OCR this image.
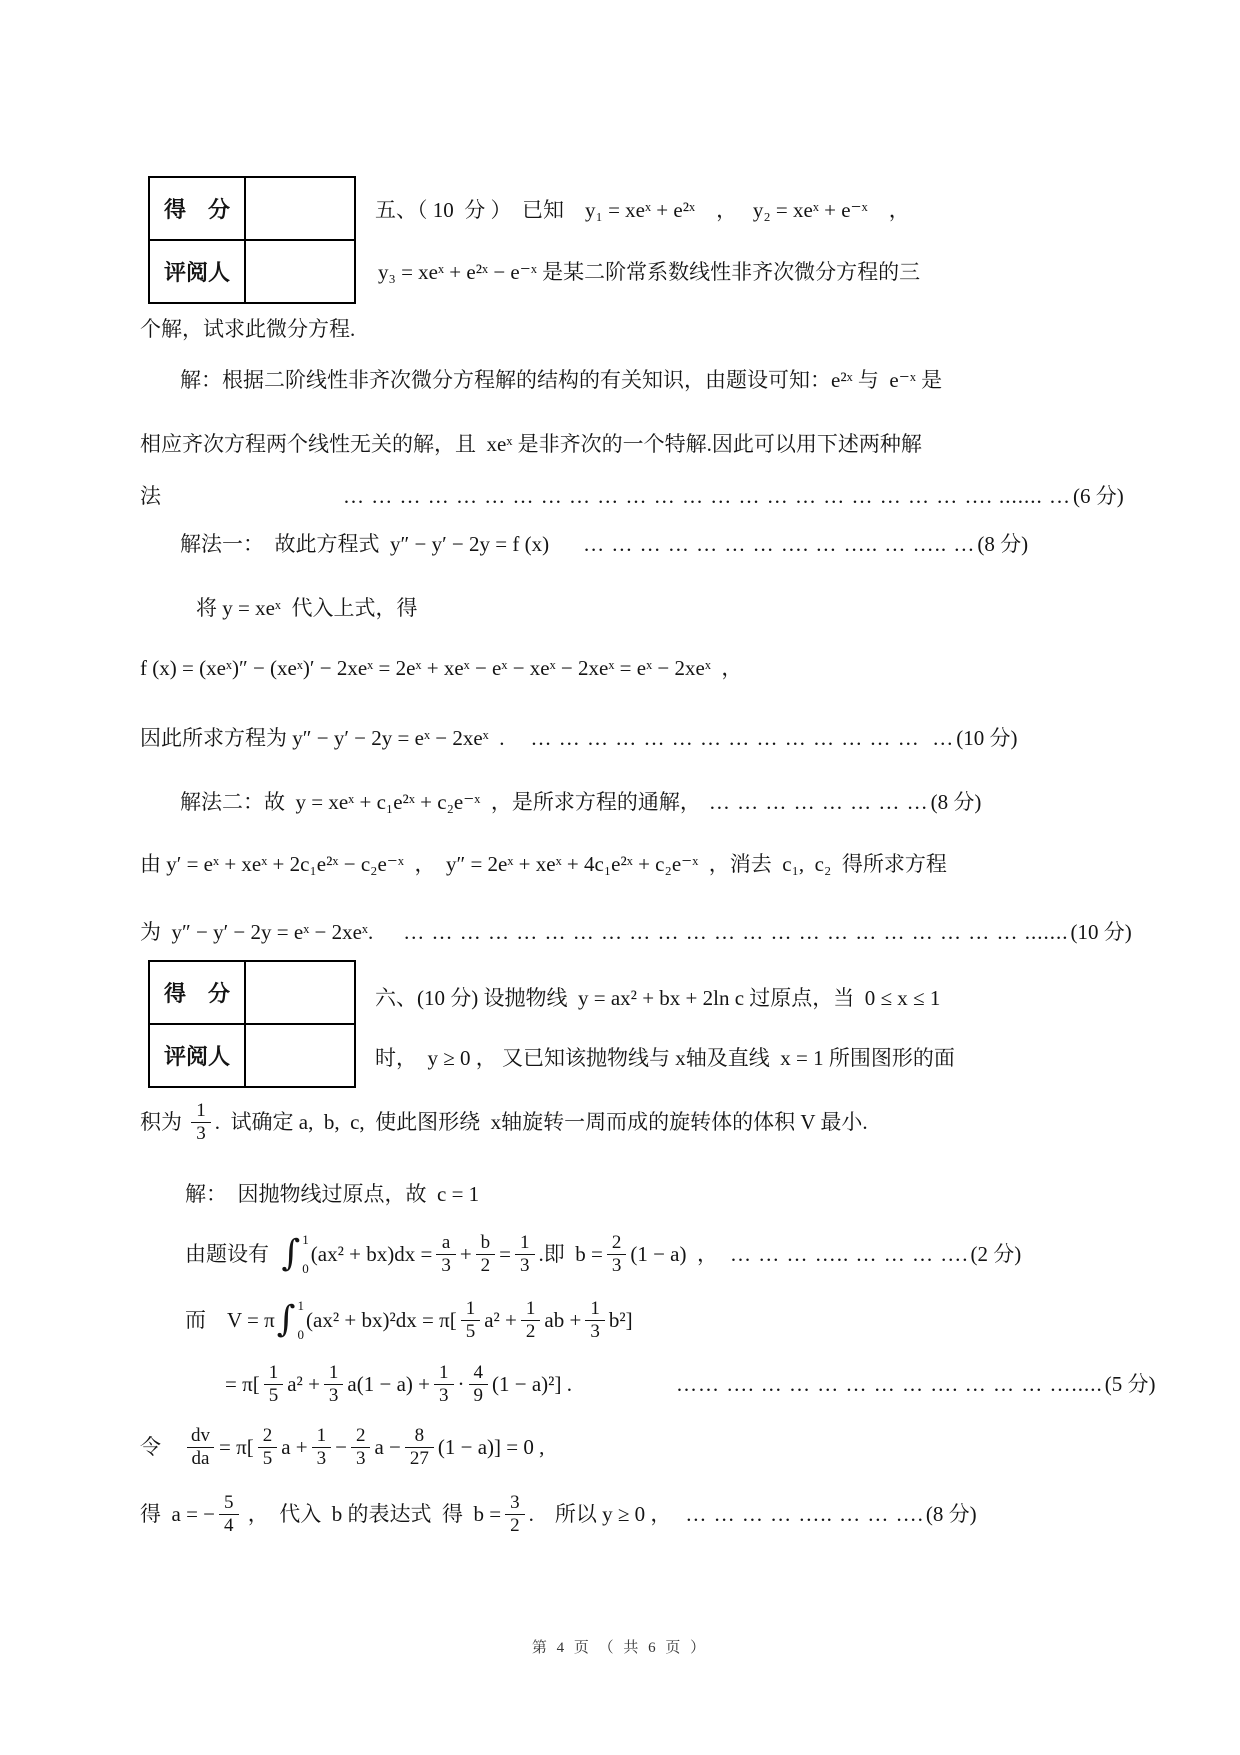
得　分
评阅人
五、（ 10  分 ）  已知    y₁ = xeˣ + e²ˣ    ，   y₂ = xeˣ + e⁻ˣ    ，
y₃ = xeˣ + e²ˣ − e⁻ˣ 是某二阶常系数线性非齐次微分方程的三
个解，试求此微分方程.
解：根据二阶线性非齐次微分方程解的结构的有关知识，由题设可知：e²ˣ 与  e⁻ˣ 是
相应齐次方程两个线性无关的解，且  xeˣ 是非齐次的一个特解.因此可以用下述两种解
法	… … … … … … … … … … … … … … … … … … … … … … …. ....... … (6 分)
解法一：  故此方程式  y″ − y′ − 2y = f (x) … … … … … … … …. … ….. … ….. … (8 分)
将 y = xeˣ  代入上式，得
f (x) = (xeˣ)″ − (xeˣ)′ − 2xeˣ = 2eˣ + xeˣ − eˣ − xeˣ − 2xeˣ = eˣ − 2xeˣ  ，
因此所求方程为 y″ − y′ − 2y = eˣ − 2xeˣ  . … … … … … … … … … … … … … …  … (10 分)
解法二：故  y = xeˣ + c₁e²ˣ + c₂e⁻ˣ  ，是所求方程的通解， … … … … … … … … (8 分)
由 y′ = eˣ + xeˣ + 2c₁e²ˣ − c₂e⁻ˣ  ，  y″ = 2eˣ + xeˣ + 4c₁e²ˣ + c₂e⁻ˣ  ，消去  c₁,  c₂  得所求方程
为  y″ − y′ − 2y = eˣ − 2xeˣ. … … … … … … … … … … … … … … … … … … … … … … ....... (10 分)
得　分
评阅人
六、(10 分) 设抛物线  y = ax² + bx + 2ln c 过原点，当  0 ≤ x ≤ 1
时，  y ≥ 0 ， 又已知该抛物线与 x轴及直线  x = 1 所围图形的面
积为 $\frac{1}{3}$ .  试确定 a,  b,  c,  使此图形绕  x轴旋转一周而成的旋转体的体积 V 最小.
解：  因抛物线过原点，故  c = 1
由题设有 ∫ 1
0
$(ax^2 + bx)dx = \frac{a}{3} + \frac{b}{2} = \frac{1}{3}$ .即  $b = \frac{2}{3} (1 - a)$ ， … … … ….. … … … …. (2 分)
而    V = π ∫ 1
0
$(ax^2 + bx)^2dx = \pi[ \frac{1}{5} a^2 + \frac{1}{2}$ ab + $\frac{1}{3} b^2$]
= $\pi[ \frac{1}{5} a^2 + \frac{1}{3} a(1 - a) + \frac{1}{3} \cdot \frac{4}{9} (1 - a)^2]$ .	…… …. … … … … … … …. … … … …..... (5 分)
令 $\frac{dv}{da} = \pi[ \frac{2}{5}$ $a + \frac{1}{3} - \frac{2}{3}$ $a - \frac{8}{27} (1 - a)] = 0$ ,
得  a = − $\frac{5}{4}$ ，  代入  b 的表达式  得  $b = \frac{3}{2}$ .    所以 y ≥ 0 ， … … … … ….. … … …. (8 分)
第 4 页 （ 共 6 页 ）
